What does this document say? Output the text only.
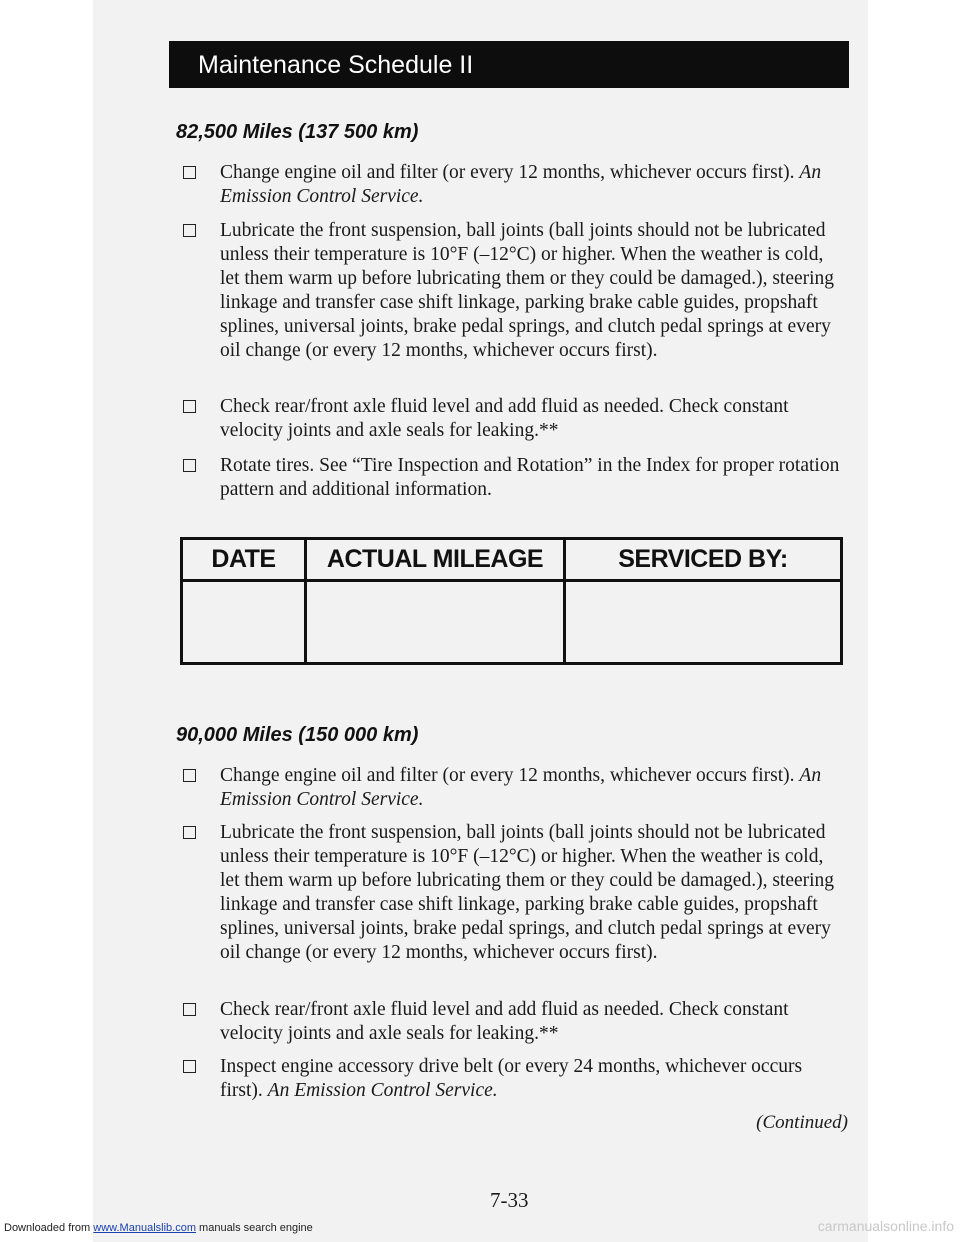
Maintenance Schedule II
82,500 Miles (137 500 km)
Change engine oil and filter (or every 12 months, whichever occurs first). An Emission Control Service.
Lubricate the front suspension, ball joints (ball joints should not be lubricated unless their temperature is 10°F (–12°C) or higher. When the weather is cold, let them warm up before lubricating them or they could be damaged.), steering linkage and transfer case shift linkage, parking brake cable guides, propshaft splines, universal joints, brake pedal springs, and clutch pedal springs at every oil change (or every 12 months, whichever occurs first).
Check rear/front axle fluid level and add fluid as needed. Check constant velocity joints and axle seals for leaking.**
Rotate tires. See “Tire Inspection and Rotation” in the Index for proper rotation pattern and additional information.
DATE	ACTUAL MILEAGE	SERVICED BY:

90,000 Miles (150 000 km)
Change engine oil and filter (or every 12 months, whichever occurs first). An Emission Control Service.
Lubricate the front suspension, ball joints (ball joints should not be lubricated unless their temperature is 10°F (–12°C) or higher. When the weather is cold, let them warm up before lubricating them or they could be damaged.), steering linkage and transfer case shift linkage, parking brake cable guides, propshaft splines, universal joints, brake pedal springs, and clutch pedal springs at every oil change (or every 12 months, whichever occurs first).
Check rear/front axle fluid level and add fluid as needed. Check constant velocity joints and axle seals for leaking.**
Inspect engine accessory drive belt (or every 24 months, whichever occurs first). An Emission Control Service.
(Continued)
7-33
Downloaded from www.Manualslib.com manuals search engine	carmanualsonline.info
